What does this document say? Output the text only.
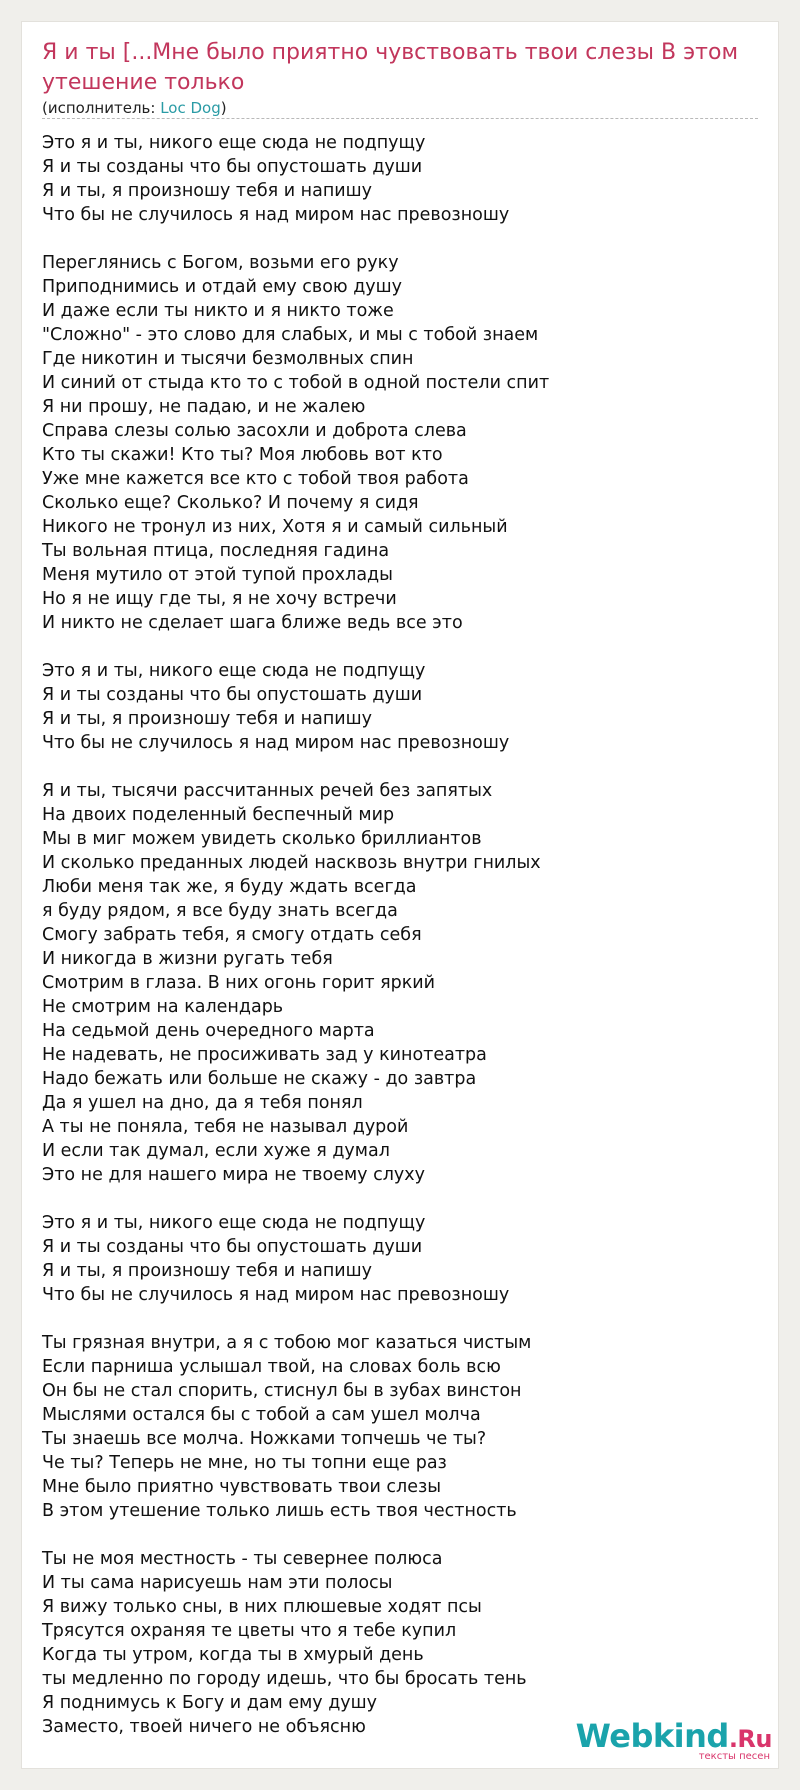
Я и ты [...Мне было приятно чувствовать твои слезы В этом утешение только
(исполнитель: Loc Dog)
Это я и ты, никого еще сюда не подпущу
Я и ты созданы что бы опустошать души
Я и ты, я произношу тебя и напишу
Что бы не случилось я над миром нас превозношу
Переглянись с Богом, возьми его руку
Приподнимись и отдай ему свою душу
И даже если ты никто и я никто тоже
"Сложно" - это слово для слабых, и мы с тобой знаем
Где никотин и тысячи безмолвных спин
И синий от стыда кто то с тобой в одной постели спит
Я ни прошу, не падаю, и не жалею
Справа слезы солью засохли и доброта слева
Кто ты скажи! Кто ты? Моя любовь вот кто
Уже мне кажется все кто с тобой твоя работа
Сколько еще? Сколько? И почему я сидя
Никого не тронул из них, Хотя я и самый сильный
Ты вольная птица, последняя гадина
Меня мутило от этой тупой прохлады
Но я не ищу где ты, я не хочу встречи
И никто не сделает шага ближе ведь все это
Это я и ты, никого еще сюда не подпущу
Я и ты созданы что бы опустошать души
Я и ты, я произношу тебя и напишу
Что бы не случилось я над миром нас превозношу
Я и ты, тысячи рассчитанных речей без запятых
На двоих поделенный беспечный мир
Мы в миг можем увидеть сколько бриллиантов
И сколько преданных людей насквозь внутри гнилых
Люби меня так же, я буду ждать всегда
я буду рядом, я все буду знать всегда
Смогу забрать тебя, я смогу отдать себя
И никогда в жизни ругать тебя
Смотрим в глаза. В них огонь горит яркий
Не смотрим на календарь
На седьмой день очередного марта
Не надевать, не просиживать зад у кинотеатра
Надо бежать или больше не скажу - до завтра
Да я ушел на дно, да я тебя понял
А ты не поняла, тебя не называл дурой
И если так думал, если хуже я думал
Это не для нашего мира не твоему слуху
Это я и ты, никого еще сюда не подпущу
Я и ты созданы что бы опустошать души
Я и ты, я произношу тебя и напишу
Что бы не случилось я над миром нас превозношу
Ты грязная внутри, а я с тобою мог казаться чистым
Если парниша услышал твой, на словах боль всю
Он бы не стал спорить, стиснул бы в зубах винстон
Мыслями остался бы с тобой а сам ушел молча
Ты знаешь все молча. Ножками топчешь че ты?
Че ты? Теперь не мне, но ты топни еще раз
Мне было приятно чувствовать твои слезы
В этом утешение только лишь есть твоя честность
Ты не моя местность - ты севернее полюса
И ты сама нарисуешь нам эти полосы
Я вижу только сны, в них плюшевые ходят псы
Трясутся охраняя те цветы что я тебе купил
Когда ты утром, когда ты в хмурый день
ты медленно по городу идешь, что бы бросать тень
Я поднимусь к Богу и дам ему душу
Заместо, твоей ничего не объясню	Webkind.Ru
тексты песен
